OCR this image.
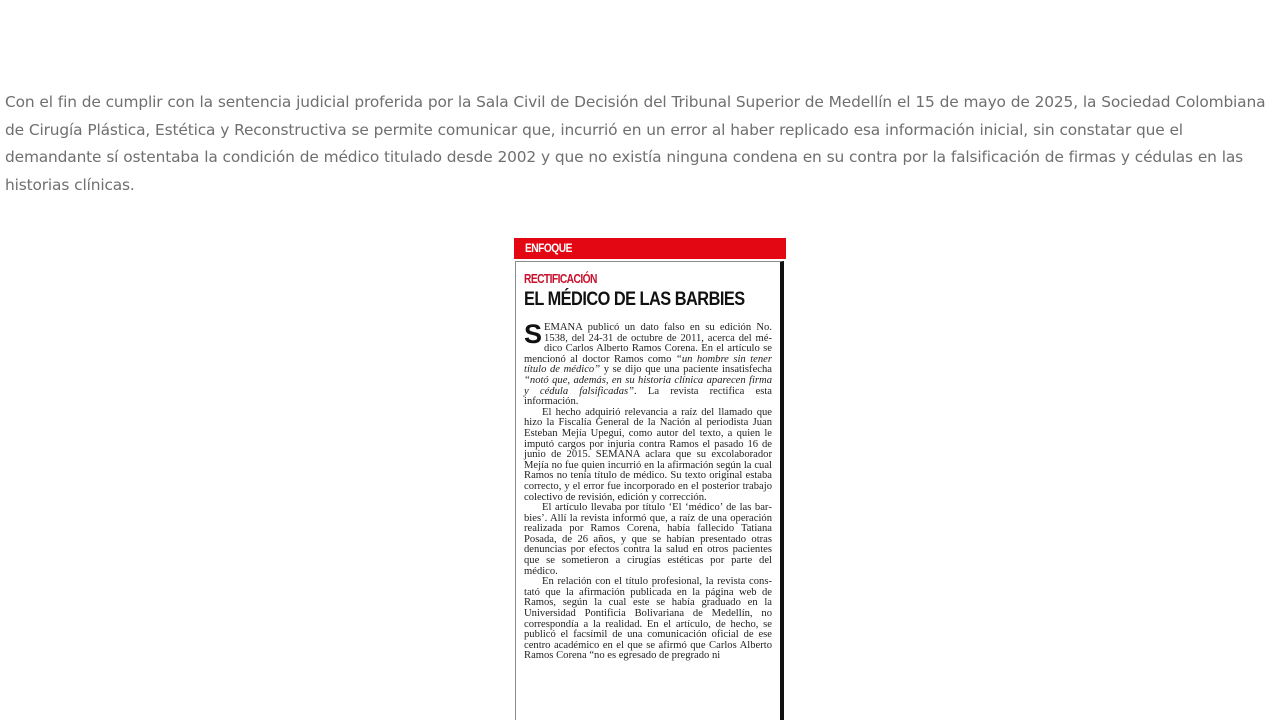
Con el fin de cumplir con la sentencia judicial proferida por la Sala Civil de Decisión del Tribunal Superior de Medellín el 15 de mayo de 2025, la Sociedad Colombiana de Cirugía Plástica, Estética y Reconstructiva se permite comunicar que, incurrió en un error al haber replicado esa información inicial, sin constatar que el demandante sí ostentaba la condición de médico titulado desde 2002 y que no existía ninguna condena en su contra por la falsificación de firmas y cédulas en las historias clínicas.

ENFOQUE
RECTIFICACIÓN
EL MÉDICO DE LAS BARBIES

SEMANA publicó un dato falso en su edición No. 1538, del 24-31 de octubre de 2011, acerca del médico Carlos Alberto Ramos Corena. En el artículo se mencionó al doctor Ramos como “un hombre sin tener título de médico” y se dijo que una paciente insatisfecha “notó que, además, en su historia clínica aparecen firma y cédula falsificadas”. La revista rectifica esta información.

El hecho adquirió relevancia a raíz del llamado que hizo la Fiscalía General de la Nación al periodista Juan Esteban Mejía Upegui, como autor del texto, a quien le imputó cargos por injuria contra Ramos el pasado 16 de junio de 2015. SEMANA aclara que su excolaborador Mejía no fue quien incurrió en la afirmación según la cual Ramos no tenía título de médico. Su texto original estaba correcto, y el error fue incorporado en el posterior trabajo colectivo de revisión, edición y corrección.

El artículo llevaba por título ‘El ‘médico’ de las barbies’. Allí la revista informó que, a raíz de una operación realizada por Ramos Corena, había fallecido Tatiana Posada, de 26 años, y que se habían presentado otras denuncias por efectos contra la salud en otros pacientes que se sometieron a cirugías estéticas por parte del médico.

En relación con el título profesional, la revista constató que la afirmación publicada en la página web de Ramos, según la cual este se había graduado en la Universidad Pontificia Bolivariana de Medellín, no correspondía a la realidad. En el artículo, de hecho, se publicó el facsímil de una comunicación oficial de ese centro académico en el que se afirmó que Carlos Alberto Ramos Corena “no es egresado de pregrado ni
